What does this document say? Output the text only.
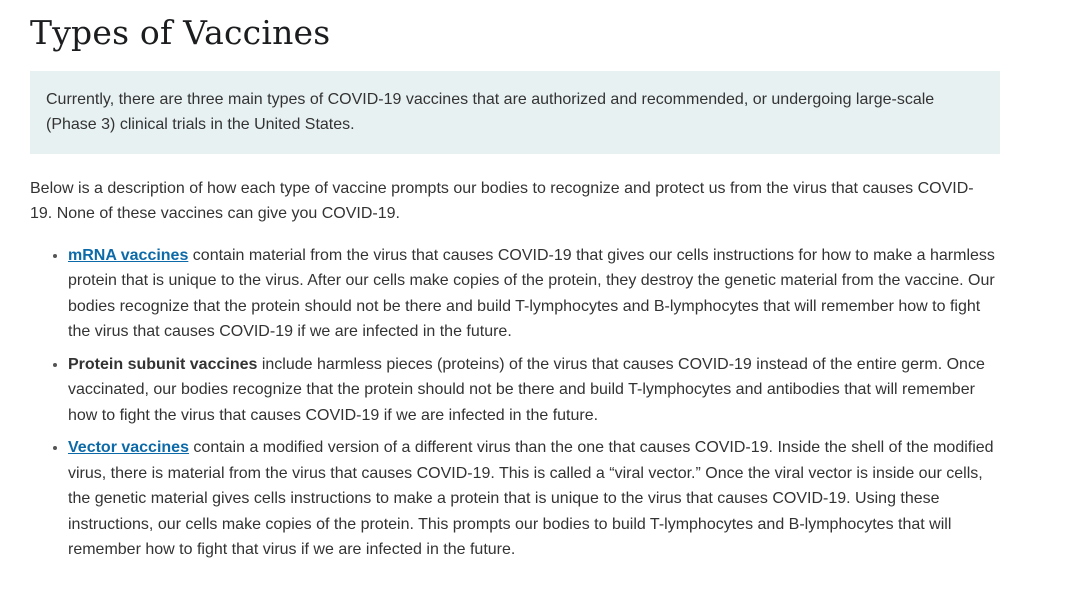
Types of Vaccines
Currently, there are three main types of COVID-19 vaccines that are authorized and recommended, or undergoing large-scale (Phase 3) clinical trials in the United States.

Below is a description of how each type of vaccine prompts our bodies to recognize and protect us from the virus that causes COVID-19. None of these vaccines can give you COVID-19.

• mRNA vaccines contain material from the virus that causes COVID-19 that gives our cells instructions for how to make a harmless protein that is unique to the virus. After our cells make copies of the protein, they destroy the genetic material from the vaccine. Our bodies recognize that the protein should not be there and build T-lymphocytes and B-lymphocytes that will remember how to fight the virus that causes COVID-19 if we are infected in the future.
• Protein subunit vaccines include harmless pieces (proteins) of the virus that causes COVID-19 instead of the entire germ. Once vaccinated, our bodies recognize that the protein should not be there and build T-lymphocytes and antibodies that will remember how to fight the virus that causes COVID-19 if we are infected in the future.
• Vector vaccines contain a modified version of a different virus than the one that causes COVID-19. Inside the shell of the modified virus, there is material from the virus that causes COVID-19. This is called a “viral vector.” Once the viral vector is inside our cells, the genetic material gives cells instructions to make a protein that is unique to the virus that causes COVID-19. Using these instructions, our cells make copies of the protein. This prompts our bodies to build T-lymphocytes and B-lymphocytes that will remember how to fight that virus if we are infected in the future.
